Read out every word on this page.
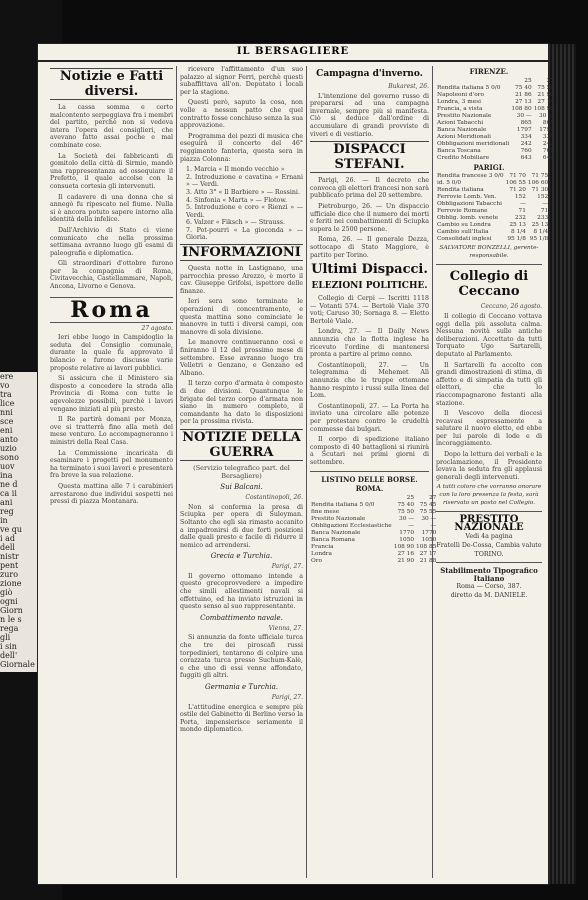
ere
vo
tra
lice
nni
sce
eni
anto
uzio
sono
uov
ina
ne d
ca ii
ani
reg
in
ve qu
i ad
dell
nistr
pent
zuro
zione
giò
ogni
Giorn
n le s
rega
gli
i sin
dell'
Giornale
IL BERSAGLIERE
Notizie e Fatti diversi.

La cassa somma e certo malcontento serpeggiava fra i membri del partito, perchè non si vedeva intera l'opera dei consiglieri, che avevano fatto assai poche e mal combinate cose.

La Società dei fabbricanti di gomitolo della città di Sirmio, mandò una rappresentanza ad ossequiare il Prefetto, il quale accolse con la consueta cortesia gli intervenuti.

Il cadavere di una donna che si annegò fu ripescato nel fiume. Nulla si è ancora potuto sapere intorno alla identità della infelice.

Dall'Archivio di Stato ci viene comunicato che nella prossima settimana avranno luogo gli esami di paleografia e diplomatica.

Gli straordinari d'ottobre furono per la compagnia di Roma, Civitavecchia, Castellammare, Napoli, Ancona, Livorno e Genova.

Roma
27 agosto.

Ieri ebbe luogo in Campidoglio la seduta del Consiglio comunale, durante la quale fu approvato il bilancio e furono discusse varie proposte relative ai lavori pubblici.

Si assicura che il Ministero sia disposto a concedere la strada alla Provincia di Roma con tutte le agevolezze possibili, purchè i lavori vengano iniziati al più presto.

Il Re partirà domani per Monza, ove si tratterrà fino alla metà del mese venturo. Lo accompagneranno i ministri della Real Casa.

La Commissione incaricata di esaminare i progetti pel monumento ha terminato i suoi lavori e presenterà fra breve la sua relazione.

Questa mattina alle 7 i carabinieri arrestarono due individui sospetti nei pressi di piazza Montanara.

ricevere l'affittamento d'un suo palazzo al signor Ferri, perchè questi subaffittava all'on. Deputato i locali per la stagione.

Questi però, saputo la cosa, non volle a nessun patto che quel contratto fosse conchiuso senza la sua approvazione.

Programma dei pezzi di musica che eseguirà il concerto del 46° reggimento fanteria, questa sera in piazza Colonna:

1. Marcia « Il mondo vecchio »
2. Introduzione e cavatina « Ernani » — Verdi.
3. Atto 3° « Il Barbiere » — Rossini.
4. Sinfonia « Marta » — Flotow.
5. Introduzione e coro « Rienzi » — Verdi.
6. Valzer « Fiksch » — Strauss.
7. Pot-pourri « La gioconda » — Gioria.
INFORMAZIONI

Questa notte in Lastignano, una parrocchia presso Arezzo, è morto il cav. Giuseppe Grifolsi, ispettore delle finanze.

Ieri sera sono terminate le operazioni di concentramento, e questa mattina sono cominciate le manovre in tutti i diversi campi, con manovre di sola divisione.

Le manovre continueranno così e finiranno il 12 del prossimo mese di settembre. Esse avranno luogo tra Velletri e Genzano, e Genzano ed Albano.

Il terzo corpo d'armata è composto di due divisioni. Quantunque le brigate del terzo corpo d'armata non siano in numero completo, il comandante ha dato le disposizioni per la prossima rivista.

NOTIZIE DELLA GUERRA
(Servizio telegrafico part. del Bersagliere)
Sui Balcani.
Costantinopoli, 26.

Non si conferma la presa di Sciupka per opera di Suleyman. Soltanto che egli sia rimasto accanito a impadronirsi di due forti posizioni dalle quali presto e facile di ridurre il nemico ad arrendersi.

Grecia e Turchia.
Parigi, 27.

Il governo ottomano intende a questo grecoprovvedere a impedire che simili allestimenti navali si effettuino, ed ha inviato istruzioni in questo senso al suo rappresentante.

Combattimento navale.
Vienna, 27.

Si annunzia da fonte ufficiale turca che tre dei piroscafi russi torpedinieri, tentarono di colpire una corazzata turca presso Suchum-Kalè, e che uno di essi venne affondato, fuggiti gli altri.

Germania e Turchia.
Parigi, 27.

L'attitudine energica e sempre più ostile del Gabinetto di Berlino verso la Porta, impensierisce seriamente il mondo diplomatico.

Campagna d'inverno.
Bukarest, 26.

L'intenzione del governo russo di prepararsi ad una campagna invernale, sempre più si manifesta. Ciò si deduce dall'ordine di accumulare di grandi provviste di viveri e di vestiario.

DISPACCI STEFANI.

Parigi, 26. — Il decreto che convoca gli elettori francesi non sarà pubblicato prima del 20 settembre.

Pietroburgo, 26. — Un dispaccio ufficiale dice che il numero dei morti e feriti nei combattimenti di Sciupka supera le 2500 persone.

Roma, 26. — Il generale Dezza, sottocapo di Stato Maggiore, è partito per Torino.

Ultimi Dispacci.
ELEZIONI POLITICHE.

Collegio di Cerpi — Iscritti 1118 — Votanti 574. — Bertolè Viale 370 voti; Caruso 30; Sornaga 8. — Eletto Bertolè Viale.

Londra, 27. — Il Daily News annunzia che la flotta inglese ha ricevuto l'ordine di mantenersi pronta a partire al primo cenno.

Costantinopoli, 27. — Un telegramma di Mehemet Alì annunzia che le truppe ottomane hanno respinto i russi sulla linea del Lom.

Costantinopoli, 27. — La Porta ha inviato una circolare alle potenze per protestare contro le crudeltà commesse dai bulgari.

Il corpo di spedizione italiano composto di 40 battaglioni si riunirà a Scutari nei primi giorni di settembre.

LISTINO DELLE BORSE.
ROMA.
	25	27
Rendita italiana 5 0/0	75 40	75 45
fine mese	75 50	75 55
Prestito Nazionale	30 —	30 —
Obbligazioni Ecclesiastiche	—	—
Banca Nazionale	1770	1770
Banca Romana	1050	1050
Francia	108 90	108 85
Londra	27 16	27 17
Oro	21 90	21 88
FIRENZE.
	25	27
Rendita italiana 5 0/0	75 40	75 50
Napoleoni d'oro	21 86	21 90
Londra, 3 mesi	27 13	27 14
Francia, a vista	108 80	108 90
Prestito Nazionale	30 —	30 —
Azioni Tabacchi	865	865
Banca Nazionale	1797	1799
Azioni Meridionali	334	335
Obbligazioni meridionali	242	242
Banca Toscana	760	760
Credito Mobiliare	643	644
PARIGI.
Rendita francese 3 0/0	71 70	71 75
id. 5 0/0	106 55	106 60
Rendita italiana	71 20	71 30
Ferrovie Lomb. Ven.	152	152
Obbligazioni Tabacchi	—	—
Ferrovie Romane	71	71
Obblig. lomb. venete	232	233
Cambio su Londra	25 13	25 13
Cambio sull'Italia	8 1/4	8 1/4
Consolidati inglesi	95 1/8	95 1/8
SALVATORE BONZELLI, gerente-responsabile.
Collegio di Ceccano
Ceccano, 26 agosto.

Il collegio di Ceccano vottava oggi della più assoluta calma. Nessuna novità sulle antiche deliberazioni. Accettato da tutti Torquato Ugo Sartarelli, deputato al Parlamento.

Il Sartarelli fu accolto con grandi dimostrazioni di stima, di affetto e di simpatia da tutti gli elettori, che lo riaccompagnarono festanti alla stazione.

Il Vescovo della diocesi recavasi espressamente a salutare il nuovo eletto, ed ebbe per lui parole di lode e di incoraggiamento.

Dopo la lettura dei verbali e la proclamazione, il Presidente levava la seduta fra gli applausi generali degli intervenuti.

A tutti coloro che vorranno onorare con la loro presenza la festa, sarà riservato un posto nel Collegio.
PRESTITO NAZIONALE
Vedi 4a pagina
Fratelli De-Cossa, Cambia valute
TORINO.
Stabilimento Tipografico Italiano
Roma — Corso, 387.
diretto da M. DANIELE.
